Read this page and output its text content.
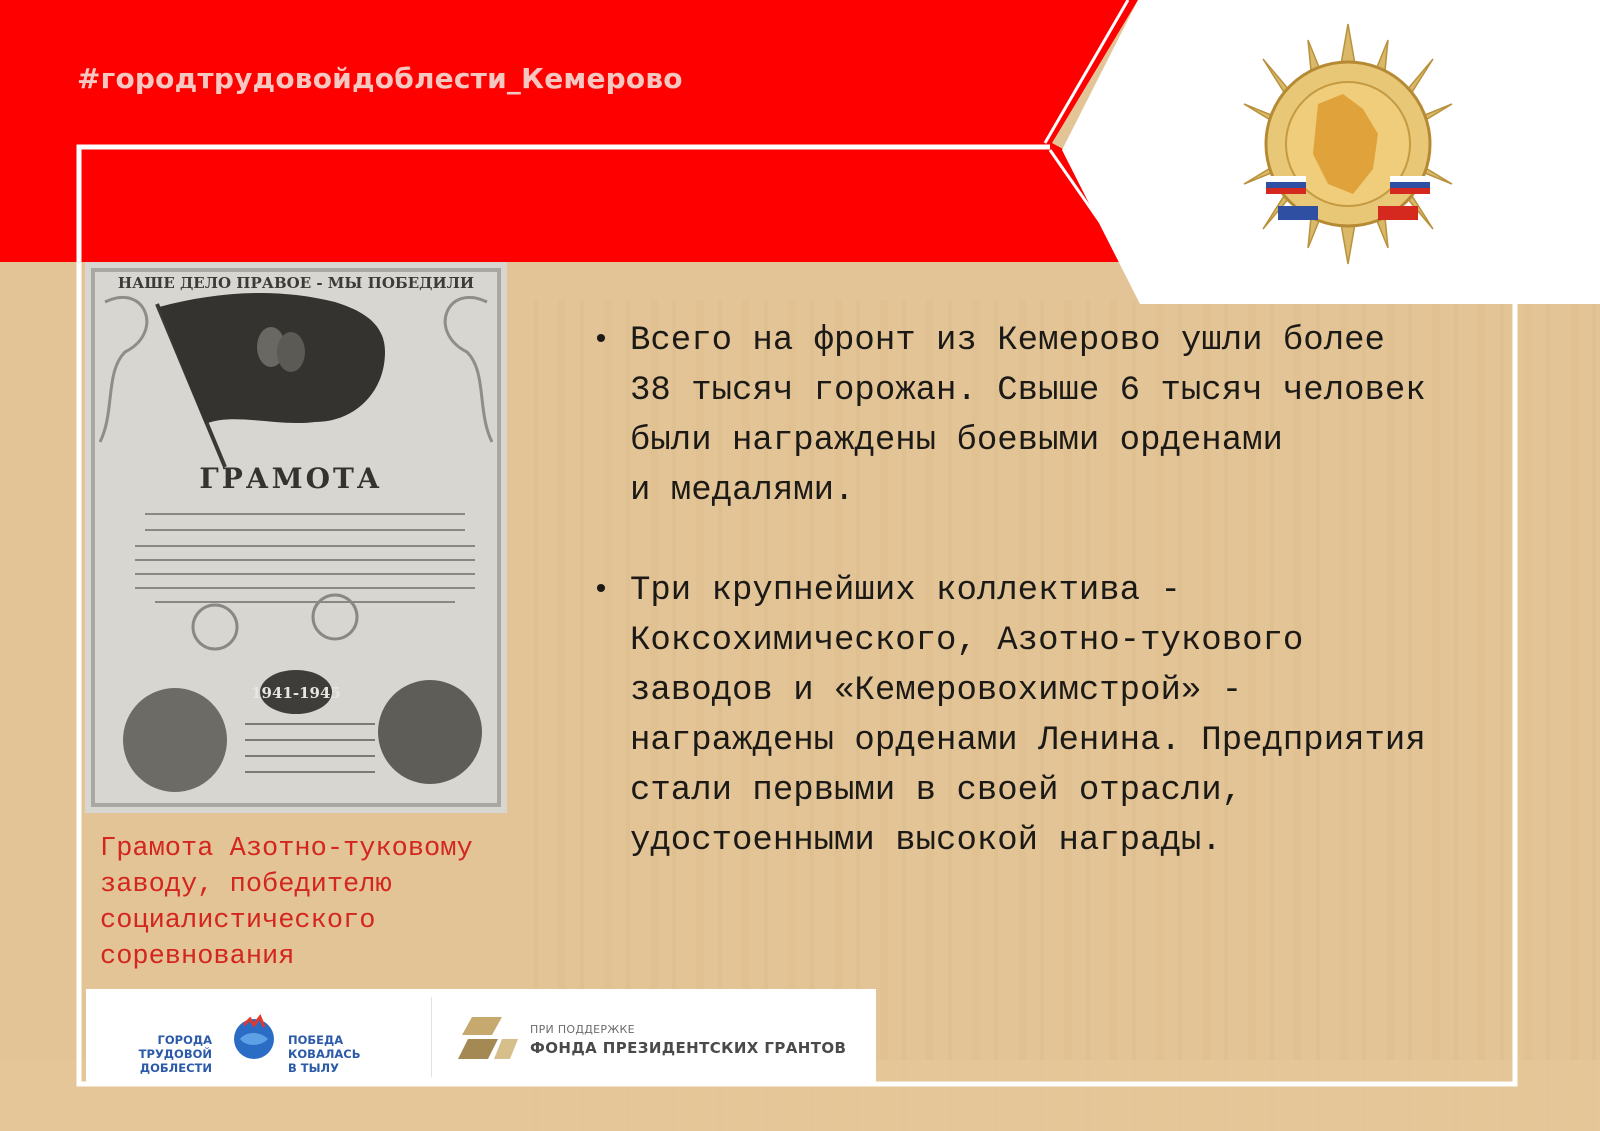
#городтрудовойдоблести_Кемерово
НАШЕ ДЕЛО ПРАВОЕ - МЫ ПОБЕДИЛИ
ГРАМОТА
1941-1945
Грамота Азотно-туковому
заводу, победителю
социалистического
соревнования
• Всего на фронт из Кемерово ушли более
38 тысяч горожан. Свыше 6 тысяч человек
были награждены боевыми орденами
и медалями.
• Три крупнейших коллектива -
Коксохимического, Азотно-тукового
заводов и «Кемеровохимстрой» -
награждены орденами Ленина. Предприятия
стали первыми в своей отрасли,
удостоенными высокой награды.
ГОРОДА ТРУДОВОЙ
ДОБЛЕСТИ
ПОБЕДА КОВАЛАСЬ
В ТЫЛУ
ПРИ ПОДДЕРЖКЕ
ФОНДА ПРЕЗИДЕНТСКИХ ГРАНТОВ
